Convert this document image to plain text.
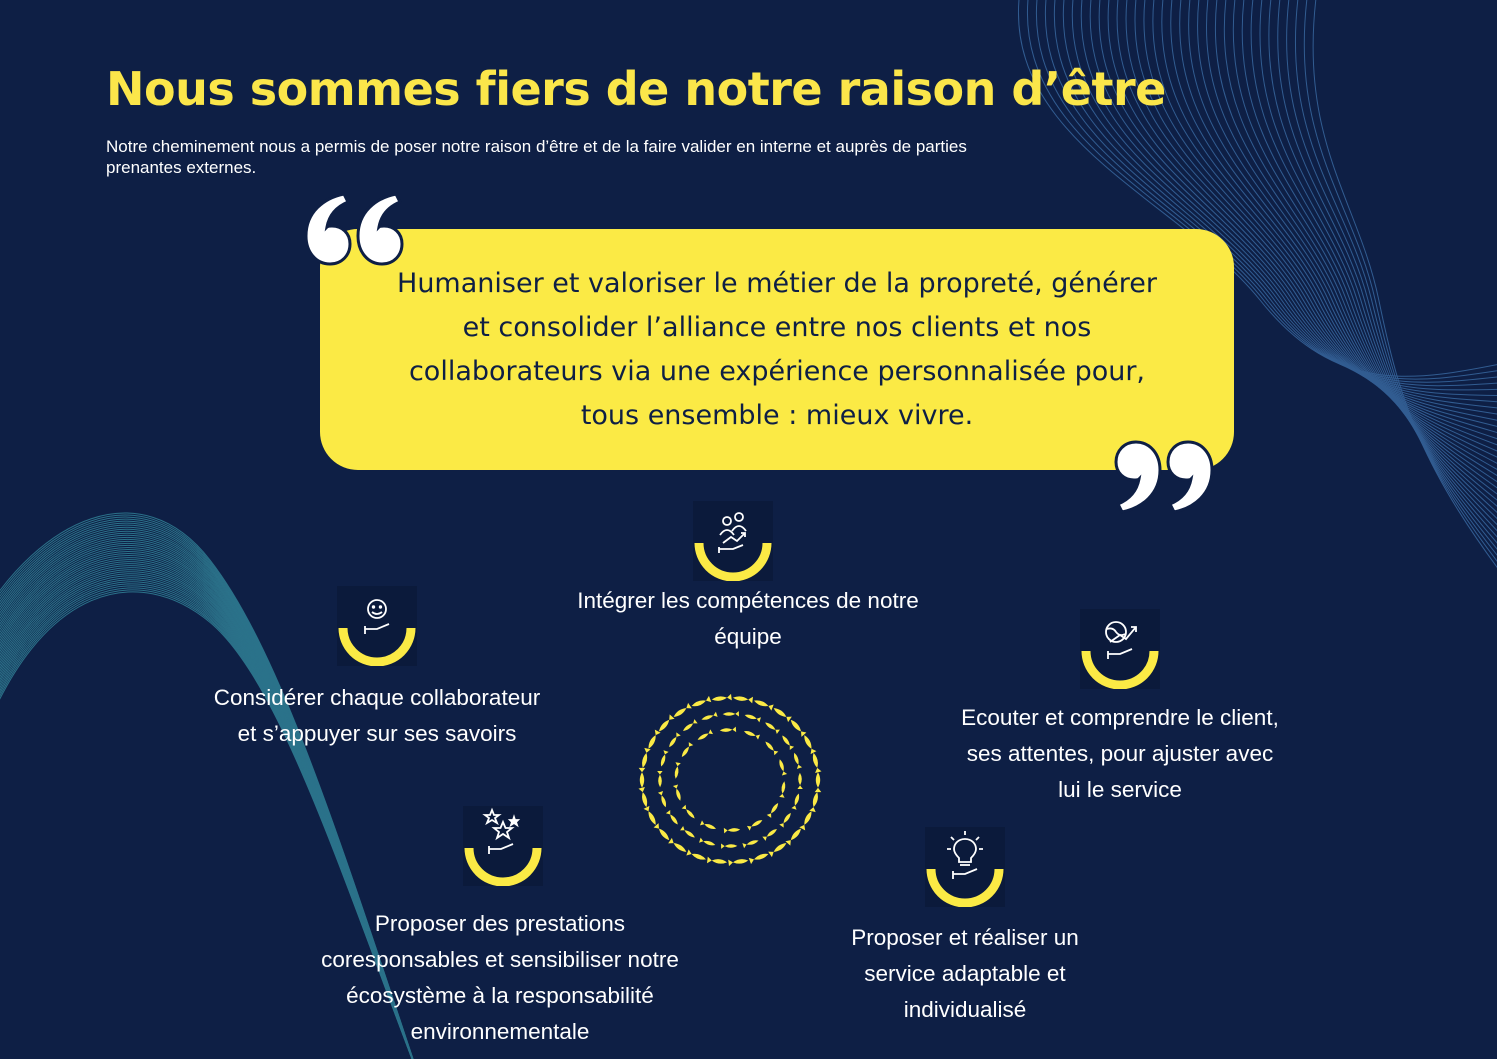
Nous sommes fiers de notre raison d’être

Notre cheminement nous a permis de poser notre raison d’être et de la faire valider en interne et auprès de parties prenantes externes.

Humaniser et valoriser le métier de la propreté, générer et consolider l’alliance entre nos clients et nos collaborateurs via une expérience personnalisée pour, tous ensemble : mieux vivre.

Intégrer les compétences de notre équipe

Considérer chaque collaborateur et s’appuyer sur ses savoirs

Ecouter et comprendre le client, ses attentes, pour ajuster avec lui le service

Proposer des prestations coresponsables et sensibiliser notre écosystème à la responsabilité environnementale

Proposer et réaliser un service adaptable et individualisé
